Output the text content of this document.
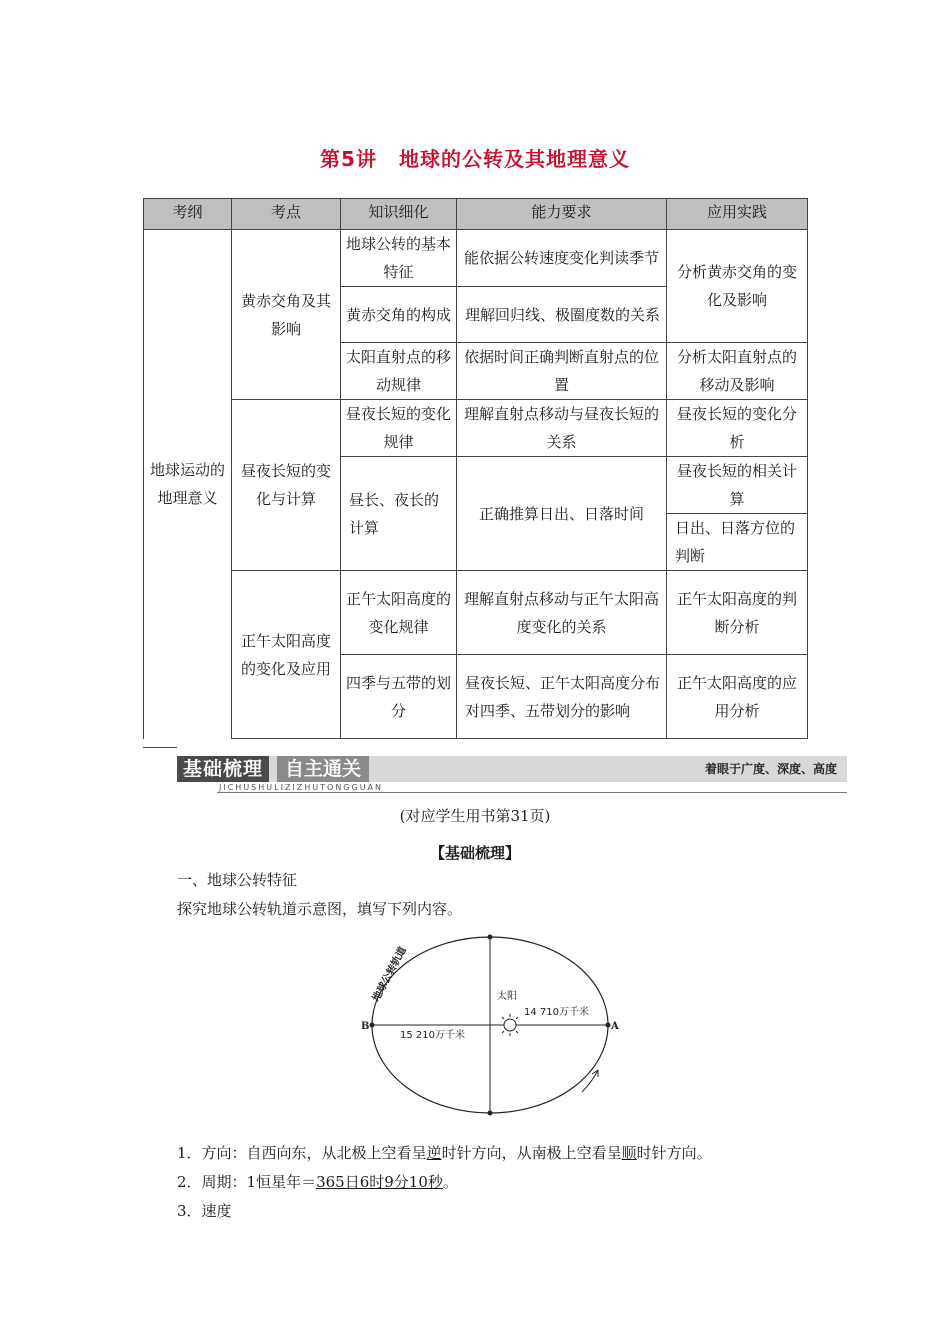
第5讲 地球的公转及其地理意义
考纲	考点	知识细化	能力要求	应用实践
地球运动的地理意义	黄赤交角及其影响	地球公转的基本特征	能依据公转速度变化判读季节	分析黄赤交角的变化及影响

		黄赤交角的构成	理解回归线、极圈度数的关系	

		太阳直射点的移动规律	依据时间正确判断直射点的位置	分析太阳直射点的移动及影响

	昼夜长短的变化与计算	昼夜长短的变化规律	理解直射点移动与昼夜长短的关系	昼夜长短的变化分析

		昼长、夜长的计算	正确推算日出、日落时间	昼夜长短的相关计算

				日出、日落方位的判断

	正午太阳高度的变化及应用	正午太阳高度的变化规律	理解直射点移动与正午太阳高度变化的关系	正午太阳高度的判断分析

		四季与五带的划分	昼夜长短、正午太阳高度分布对四季、五带划分的影响	正午太阳高度的应用分析

基础梳理	自主通关	着眼于广度、深度、高度
JICHUSHULIZIZHUTONGGUAN
(对应学生用书第31页)
【基础梳理】
一、地球公转特征
探究地球公转轨道示意图，填写下列内容。
太阳
14 710万千米
15 210万千米
B	A
地球公转轨道
1．方向：自西向东，从北极上空看呈逆时针方向，从南极上空看呈顺时针方向。
2．周期：1恒星年＝365日6时9分10秒。
3．速度
